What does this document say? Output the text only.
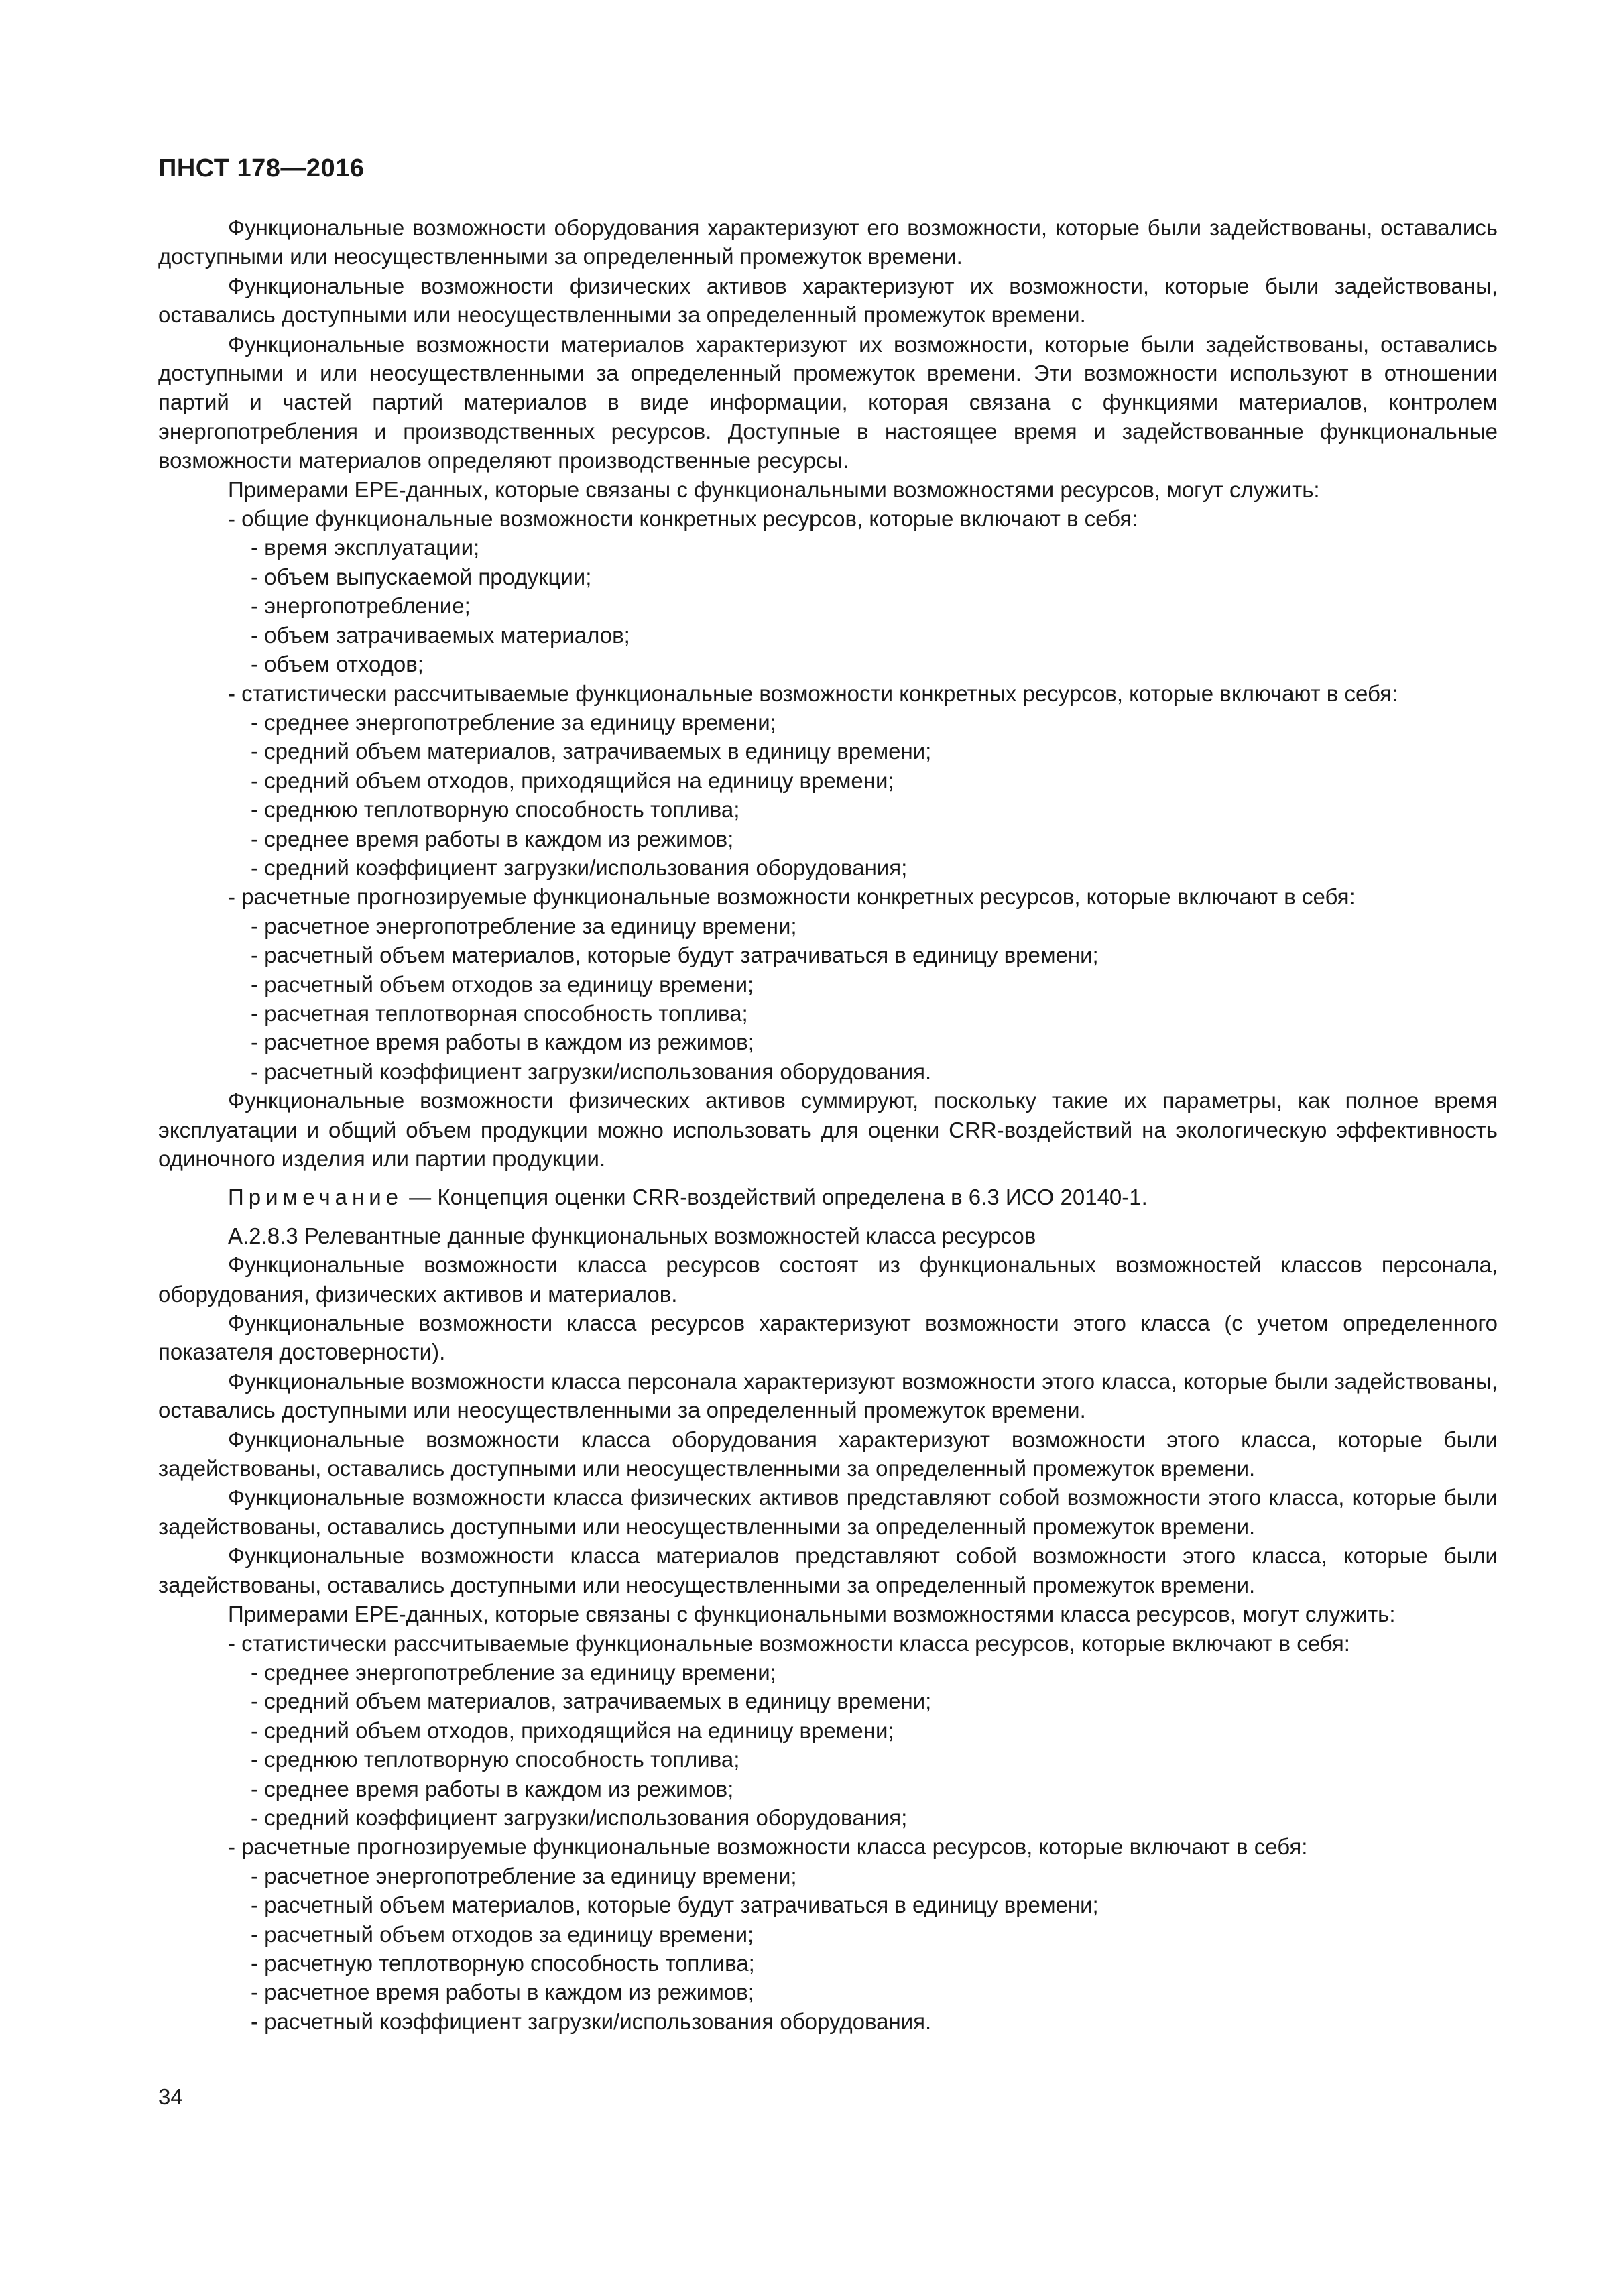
ПНСТ 178—2016

Функциональные возможности оборудования характеризуют его возможности, которые были задействованы, оставались доступными или неосуществленными за определенный промежуток времени.

Функциональные возможности физических активов характеризуют их возможности, которые были задействованы, оставались доступными или неосуществленными за определенный промежуток времени.

Функциональные возможности материалов характеризуют их возможности, которые были задействованы, оставались доступными и или неосуществленными за определенный промежуток времени. Эти возможности используют в отношении партий и частей партий материалов в виде информации, которая связана с функциями материалов, контролем энергопотребления и производственных ресурсов. Доступные в настоящее время и задействованные функциональные возможности материалов определяют производственные ресурсы.

Примерами ЕРЕ-данных, которые связаны с функциональными возможностями ресурсов, могут служить:

- общие функциональные возможности конкретных ресурсов, которые включают в себя:

- время эксплуатации;

- объем выпускаемой продукции;

- энергопотребление;

- объем затрачиваемых материалов;

- объем отходов;

- статистически рассчитываемые функциональные возможности конкретных ресурсов, которые включают в себя:

- среднее энергопотребление за единицу времени;

- средний объем материалов, затрачиваемых в единицу времени;

- средний объем отходов, приходящийся на единицу времени;

- среднюю теплотворную способность топлива;

- среднее время работы в каждом из режимов;

- средний коэффициент загрузки/использования оборудования;

- расчетные прогнозируемые функциональные возможности конкретных ресурсов, которые включают в себя:

- расчетное энергопотребление за единицу времени;

- расчетный объем материалов, которые будут затрачиваться в единицу времени;

- расчетный объем отходов за единицу времени;

- расчетная теплотворная способность топлива;

- расчетное время работы в каждом из режимов;

- расчетный коэффициент загрузки/использования оборудования.

Функциональные возможности физических активов суммируют, поскольку такие их параметры, как полное время эксплуатации и общий объем продукции можно использовать для оценки CRR-воздействий на экологическую эффективность одиночного изделия или партии продукции.

Примечание — Концепция оценки CRR-воздействий определена в 6.3 ИСО 20140-1.

А.2.8.3 Релевантные данные функциональных возможностей класса ресурсов

Функциональные возможности класса ресурсов состоят из функциональных возможностей классов персонала, оборудования, физических активов и материалов.

Функциональные возможности класса ресурсов характеризуют возможности этого класса (с учетом определенного показателя достоверности).

Функциональные возможности класса персонала характеризуют возможности этого класса, которые были задействованы, оставались доступными или неосуществленными за определенный промежуток времени.

Функциональные возможности класса оборудования характеризуют возможности этого класса, которые были задействованы, оставались доступными или неосуществленными за определенный промежуток времени.

Функциональные возможности класса физических активов представляют собой возможности этого класса, которые были задействованы, оставались доступными или неосуществленными за определенный промежуток времени.

Функциональные возможности класса материалов представляют собой возможности этого класса, которые были задействованы, оставались доступными или неосуществленными за определенный промежуток времени.

Примерами ЕРЕ-данных, которые связаны с функциональными возможностями класса ресурсов, могут служить:

- статистически рассчитываемые функциональные возможности класса ресурсов, которые включают в себя:

- среднее энергопотребление за единицу времени;

- средний объем материалов, затрачиваемых в единицу времени;

- средний объем отходов, приходящийся на единицу времени;

- среднюю теплотворную способность топлива;

- среднее время работы в каждом из режимов;

- средний коэффициент загрузки/использования оборудования;

- расчетные прогнозируемые функциональные возможности класса ресурсов, которые включают в себя:

- расчетное энергопотребление за единицу времени;

- расчетный объем материалов, которые будут затрачиваться в единицу времени;

- расчетный объем отходов за единицу времени;

- расчетную теплотворную способность топлива;

- расчетное время работы в каждом из режимов;

- расчетный коэффициент загрузки/использования оборудования.

34
